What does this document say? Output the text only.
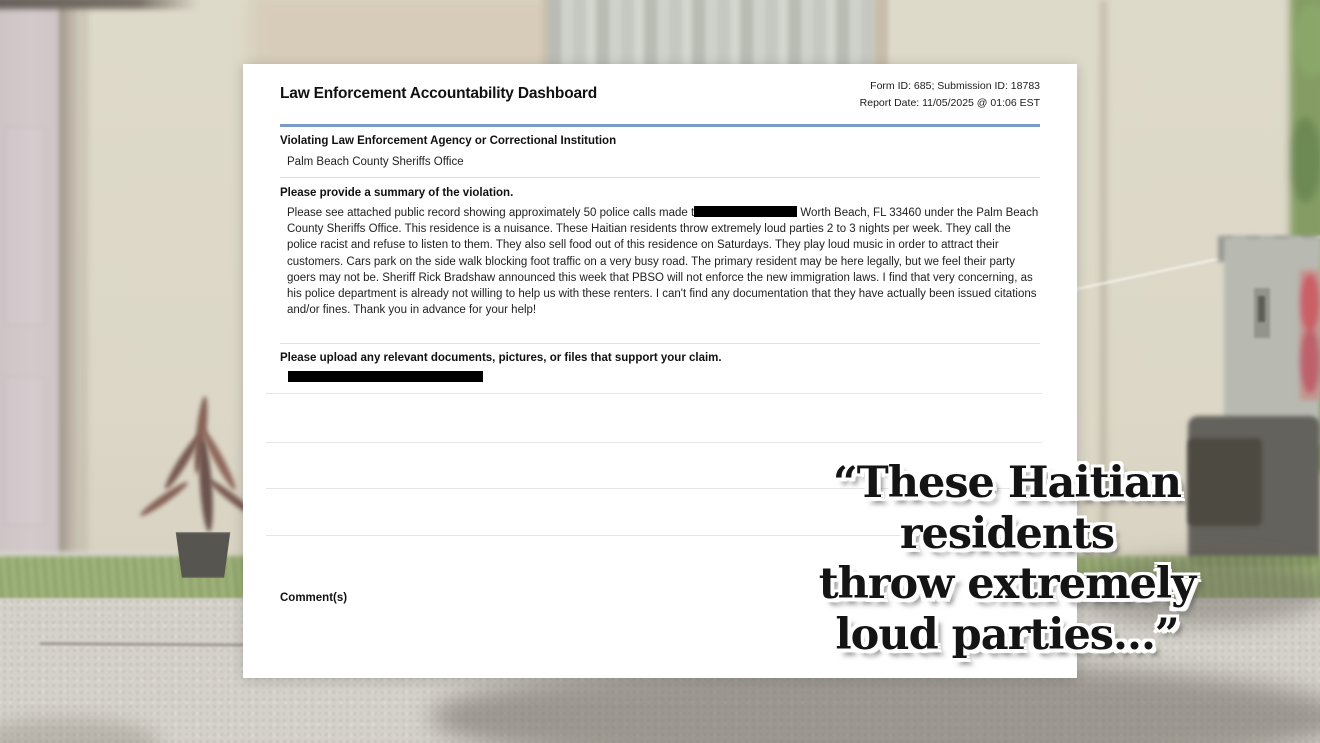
Law Enforcement Accountability Dashboard	Form ID: 685; Submission ID: 18783
Report Date: 11/05/2025 @ 01:06 EST
Violating Law Enforcement Agency or Correctional Institution
Palm Beach County Sheriffs Office
Please provide a summary of the violation.

Please see attached public record showing approximately 50 police calls made t	Worth Beach, FL 33460 under the Palm Beach County Sheriffs Office. This residence is a nuisance. These Haitian residents throw extremely loud parties 2 to 3 nights per week. They call the police racist and refuse to listen to them. They also sell food out of this residence on Saturdays. They play loud music in order to attract their customers. Cars park on the side walk blocking foot traffic on a very busy road. The primary resident may be here legally, but we feel their party goers may not be. Sheriff Rick Bradshaw announced this week that PBSO will not enforce the new immigration laws. I find that very concerning, as his police department is already not willing to help us with these renters. I can't find any documentation that they have actually been issued citations and/or fines. Thank you in advance for your help!

Please upload any relevant documents, pictures, or files that support your claim.
Comment(s)
“These Haitian
residents
throw extremely
loud parties...”
